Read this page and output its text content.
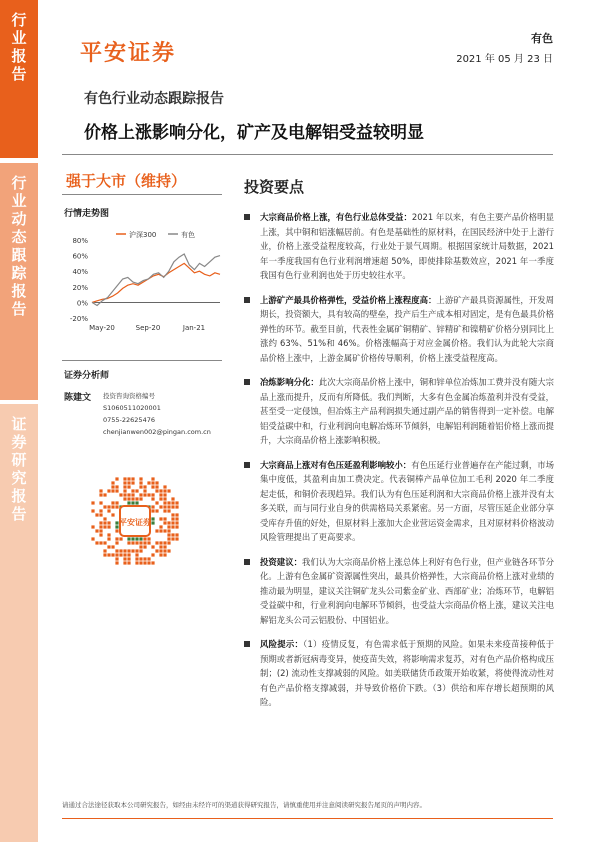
行业报告
行业动态跟踪报告
证券研究报告
平安证券
有色
2021 年 05 月 23 日
有色行业动态跟踪报告
价格上涨影响分化，矿产及电解铝受益较明显
强于大市（维持）	投资要点
行情走势图
80%
60%
40%
20%
0%
-20%
May-20	Sep-20	Jan-21
沪深300	有色
证券分析师
陈建文 投资咨询资格编号
S1060511020001
0755-22625476
chenjianwen002@pingan.com.cn
平安证券
大宗商品价格上涨，有色行业总体受益：2021 年以来，有色主要产品价格明显上涨，其中铜和铝涨幅居前。有色是基础性的原材料，在国民经济中处于上游行业，价格上涨受益程度较高，行业处于景气周期。根据国家统计局数据，2021 年一季度我国有色行业利润增速超 50%，即使排除基数效应，2021 年一季度我国有色行业利润也处于历史较往水平。
上游矿产最具价格弹性，受益价格上涨程度高：上游矿产最具资源属性，开发周期长，投资额大，具有较高的壁垒，投产后生产成本相对固定，是有色最具价格弹性的环节。截至目前，代表性金属矿铜精矿、锌精矿和镍精矿价格分别同比上涨约 63%、51%和 46%。价格涨幅高于对应金属价格。我们认为此轮大宗商品价格上涨中，上游金属矿价格传导顺利，价格上涨受益程度高。
冶炼影响分化：此次大宗商品价格上涨中，铜和锌单位冶炼加工费并没有随大宗品上涨而提升，反而有所降低。我们判断，大多有色金属冶炼盈利并没有受益，甚至受一定侵蚀，但冶炼主产品利润损失通过副产品的销售得到一定补偿。电解铝受益碳中和，行业利润向电解冶炼环节倾斜，电解铝利润随着铝价格上涨而提升，大宗商品价格上涨影响积极。
大宗商品上涨对有色压延盈利影响较小：有色压延行业普遍存在产能过剩，市场集中度低，其盈利由加工费决定。代表铜棒产品单位加工毛利 2020 年二季度起走低，和铜价表现趋异。我们认为有色压延利润和大宗商品价格上涨并没有太多关联，而与同行业自身的供需格局关系紧密。另一方面，尽管压延企业部分享受库存升值的好处，但原材料上涨加大企业营运资金需求，且对原材料价格波动风险管理提出了更高要求。
投资建议：我们认为大宗商品价格上涨总体上利好有色行业，但产业链各环节分化。上游有色金属矿资源属性突出，最具价格弹性，大宗商品价格上涨对业绩的推动最为明显，建议关注铜矿龙头公司紫金矿业、西部矿业；冶炼环节，电解铝受益碳中和，行业利润向电解环节倾斜，也受益大宗商品价格上涨，建议关注电解铝龙头公司云铝股份、中国铝业。
风险提示：（1）疫情反复，有色需求低于预期的风险。如果未来疫苗接种低于预期或者新冠病毒变异，使疫苗失效，将影响需求复苏，对有色产品价格构成压制；(2) 流动性支撑减弱的风险。如美联储货币政策开始收紧，将使得流动性对有色产品价格支撑减弱，并导致价格价下跌。（3）供给和库存增长超预期的风险。
请通过合法途径获取本公司研究报告，如经由未经许可的渠道获得研究报告，请慎重使用并注意阅读研究报告尾页的声明内容。
